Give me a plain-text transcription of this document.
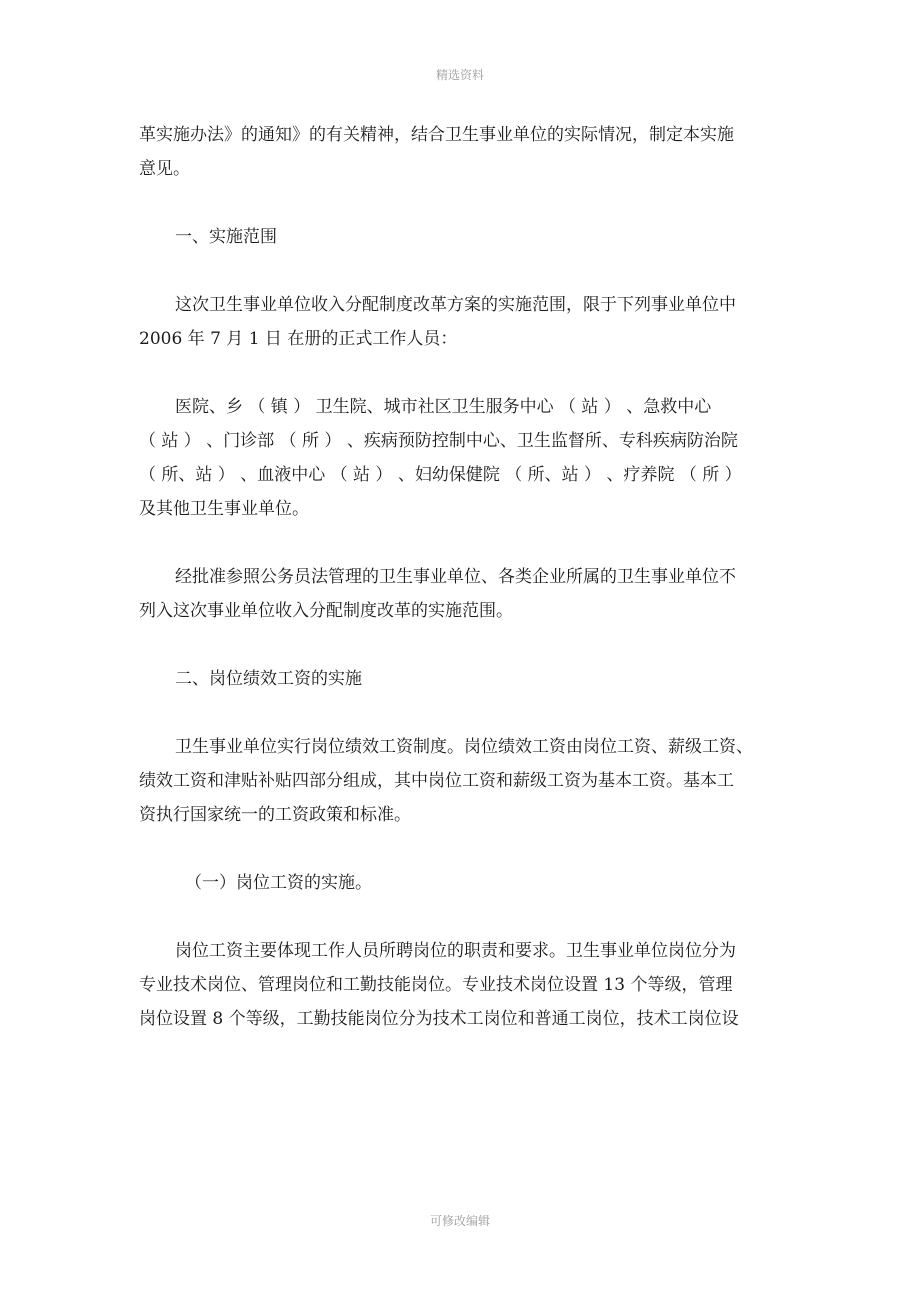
精选资料

革实施办法》的通知》的有关精神，结合卫生事业单位的实际情况，制定本实施
意见。

一、实施范围

这次卫生事业单位收入分配制度改革方案的实施范围，限于下列事业单位中
2006 年 7 月 1 日 在册的正式工作人员：

医院、乡 （ 镇 ） 卫生院、城市社区卫生服务中心 （ 站 ） 、急救中心
（ 站 ） 、门诊部 （ 所 ） 、疾病预防控制中心、卫生监督所、专科疾病防治院
（ 所、站 ） 、血液中心 （ 站 ） 、妇幼保健院 （ 所、站 ） 、疗养院 （ 所 ）
及其他卫生事业单位。

经批准参照公务员法管理的卫生事业单位、各类企业所属的卫生事业单位不
列入这次事业单位收入分配制度改革的实施范围。

二、岗位绩效工资的实施

卫生事业单位实行岗位绩效工资制度。岗位绩效工资由岗位工资、薪级工资、
绩效工资和津贴补贴四部分组成，其中岗位工资和薪级工资为基本工资。基本工
资执行国家统一的工资政策和标准。

（一）岗位工资的实施。

岗位工资主要体现工作人员所聘岗位的职责和要求。卫生事业单位岗位分为
专业技术岗位、管理岗位和工勤技能岗位。专业技术岗位设置 13 个等级，管理
岗位设置 8 个等级，工勤技能岗位分为技术工岗位和普通工岗位，技术工岗位设

可修改编辑
